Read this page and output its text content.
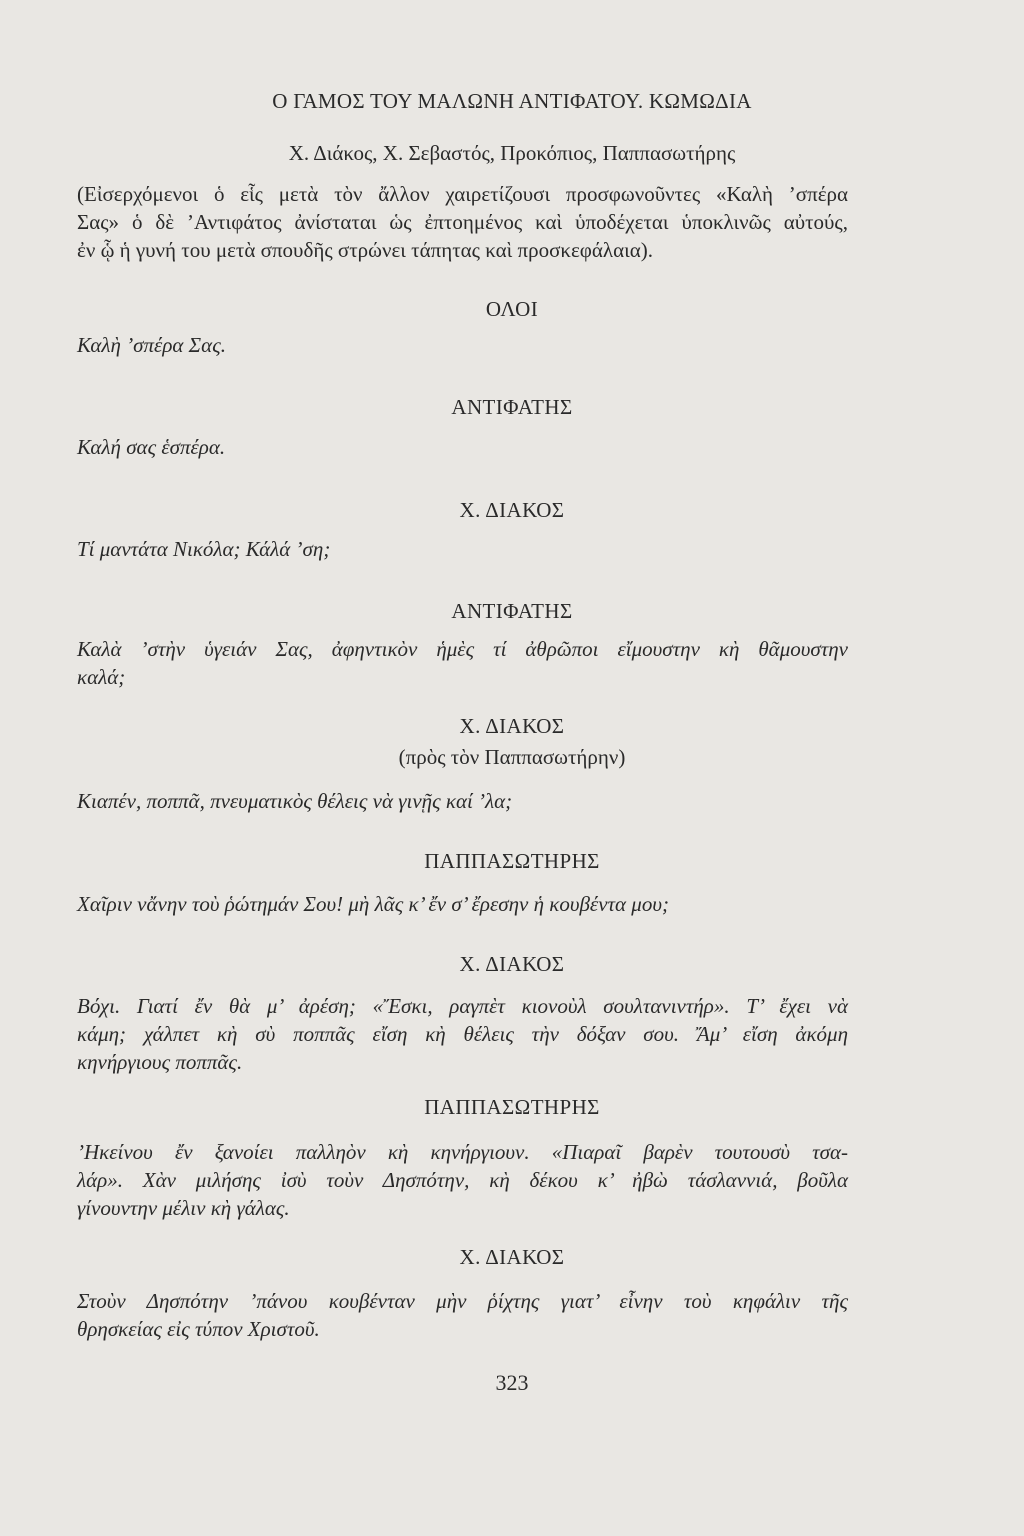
Ο ΓΑΜΟΣ ΤΟΥ ΜΑΛΩΝΗ ΑΝΤΙΦΑΤΟΥ. ΚΩΜΩΔΙΑ
Χ. Διάκος, Χ. Σεβαστός, Προκόπιος, Παππασωτήρης
(Εἰσερχόμενοι ὁ εἷς μετὰ τὸν ἄλλον χαιρετίζουσι προσφωνοῦντες «Καλὴ ’σπέρα
Σας» ὁ δὲ ’Αντιφάτος ἀνίσταται ὡς ἐπτοημένος καὶ ὑποδέχεται ὑποκλινῶς αὐτούς,
ἐν ᾧ ἡ γυνή του μετὰ σπουδῆς στρώνει τάπητας καὶ προσκεφάλαια).
ΟΛΟΙ
Καλὴ ’σπέρα Σας.
ΑΝΤΙΦΑΤΗΣ
Καλή σας ἑσπέρα.
Χ. ΔΙΑΚΟΣ
Τί μαντάτα Νικόλα; Κάλά ’ση;
ΑΝΤΙΦΑΤΗΣ
Καλὰ ’στὴν ὑγειάν Σας, ἀφηντικὸν ἡμὲς τί ἀθρῶποι εἴμουστην κὴ θᾶμουστην
καλά;
Χ. ΔΙΑΚΟΣ
(πρὸς τὸν Παππασωτήρην)
Κιαπέν, ποππᾶ, πνευματικὸς θέλεις νὰ γινῇς καί ’λα;
ΠΑΠΠΑΣΩΤΗΡΗΣ
Χαῖριν νἄνην τοὺ ῥώτημάν Σου! μὴ λᾶς κ’ ἔν σ’ ἔρεσην ἡ κουβέντα μου;
Χ. ΔΙΑΚΟΣ
Βόχι. Γιατί ἔν θὰ μ’ ἀρέση; «Ἔσκι, ραγπὲτ κιονοὺλ σουλτανιντήρ». Τ’ ἔχει νὰ
κάμη; χάλπετ κὴ σὺ ποππᾶς εἴση κὴ θέλεις τὴν δόξαν σου. Ἄμ’ εἴση ἀκόμη
κηνήργιους ποππᾶς.
ΠΑΠΠΑΣΩΤΗΡΗΣ
’Ηκείνου ἔν ξανοίει παλληὸν κὴ κηνήργιουν. «Πιαραῖ βαρὲν τουτουσὺ τσα-
λάρ». Χὰν μιλήσης ἰσὺ τοὺν Δησπότην, κὴ δέκου κ’ ἠβὼ τάσλαννιά, βοῦλα
γίνουντην μέλιν κὴ γάλας.
Χ. ΔΙΑΚΟΣ
Στοὺν Δησπότην ’πάνου κουβένταν μὴν ῥίχτης γιατ’ εἶνην τοὺ κηφάλιν τῆς
θρησκείας εἰς τύπον Χριστοῦ.
323
